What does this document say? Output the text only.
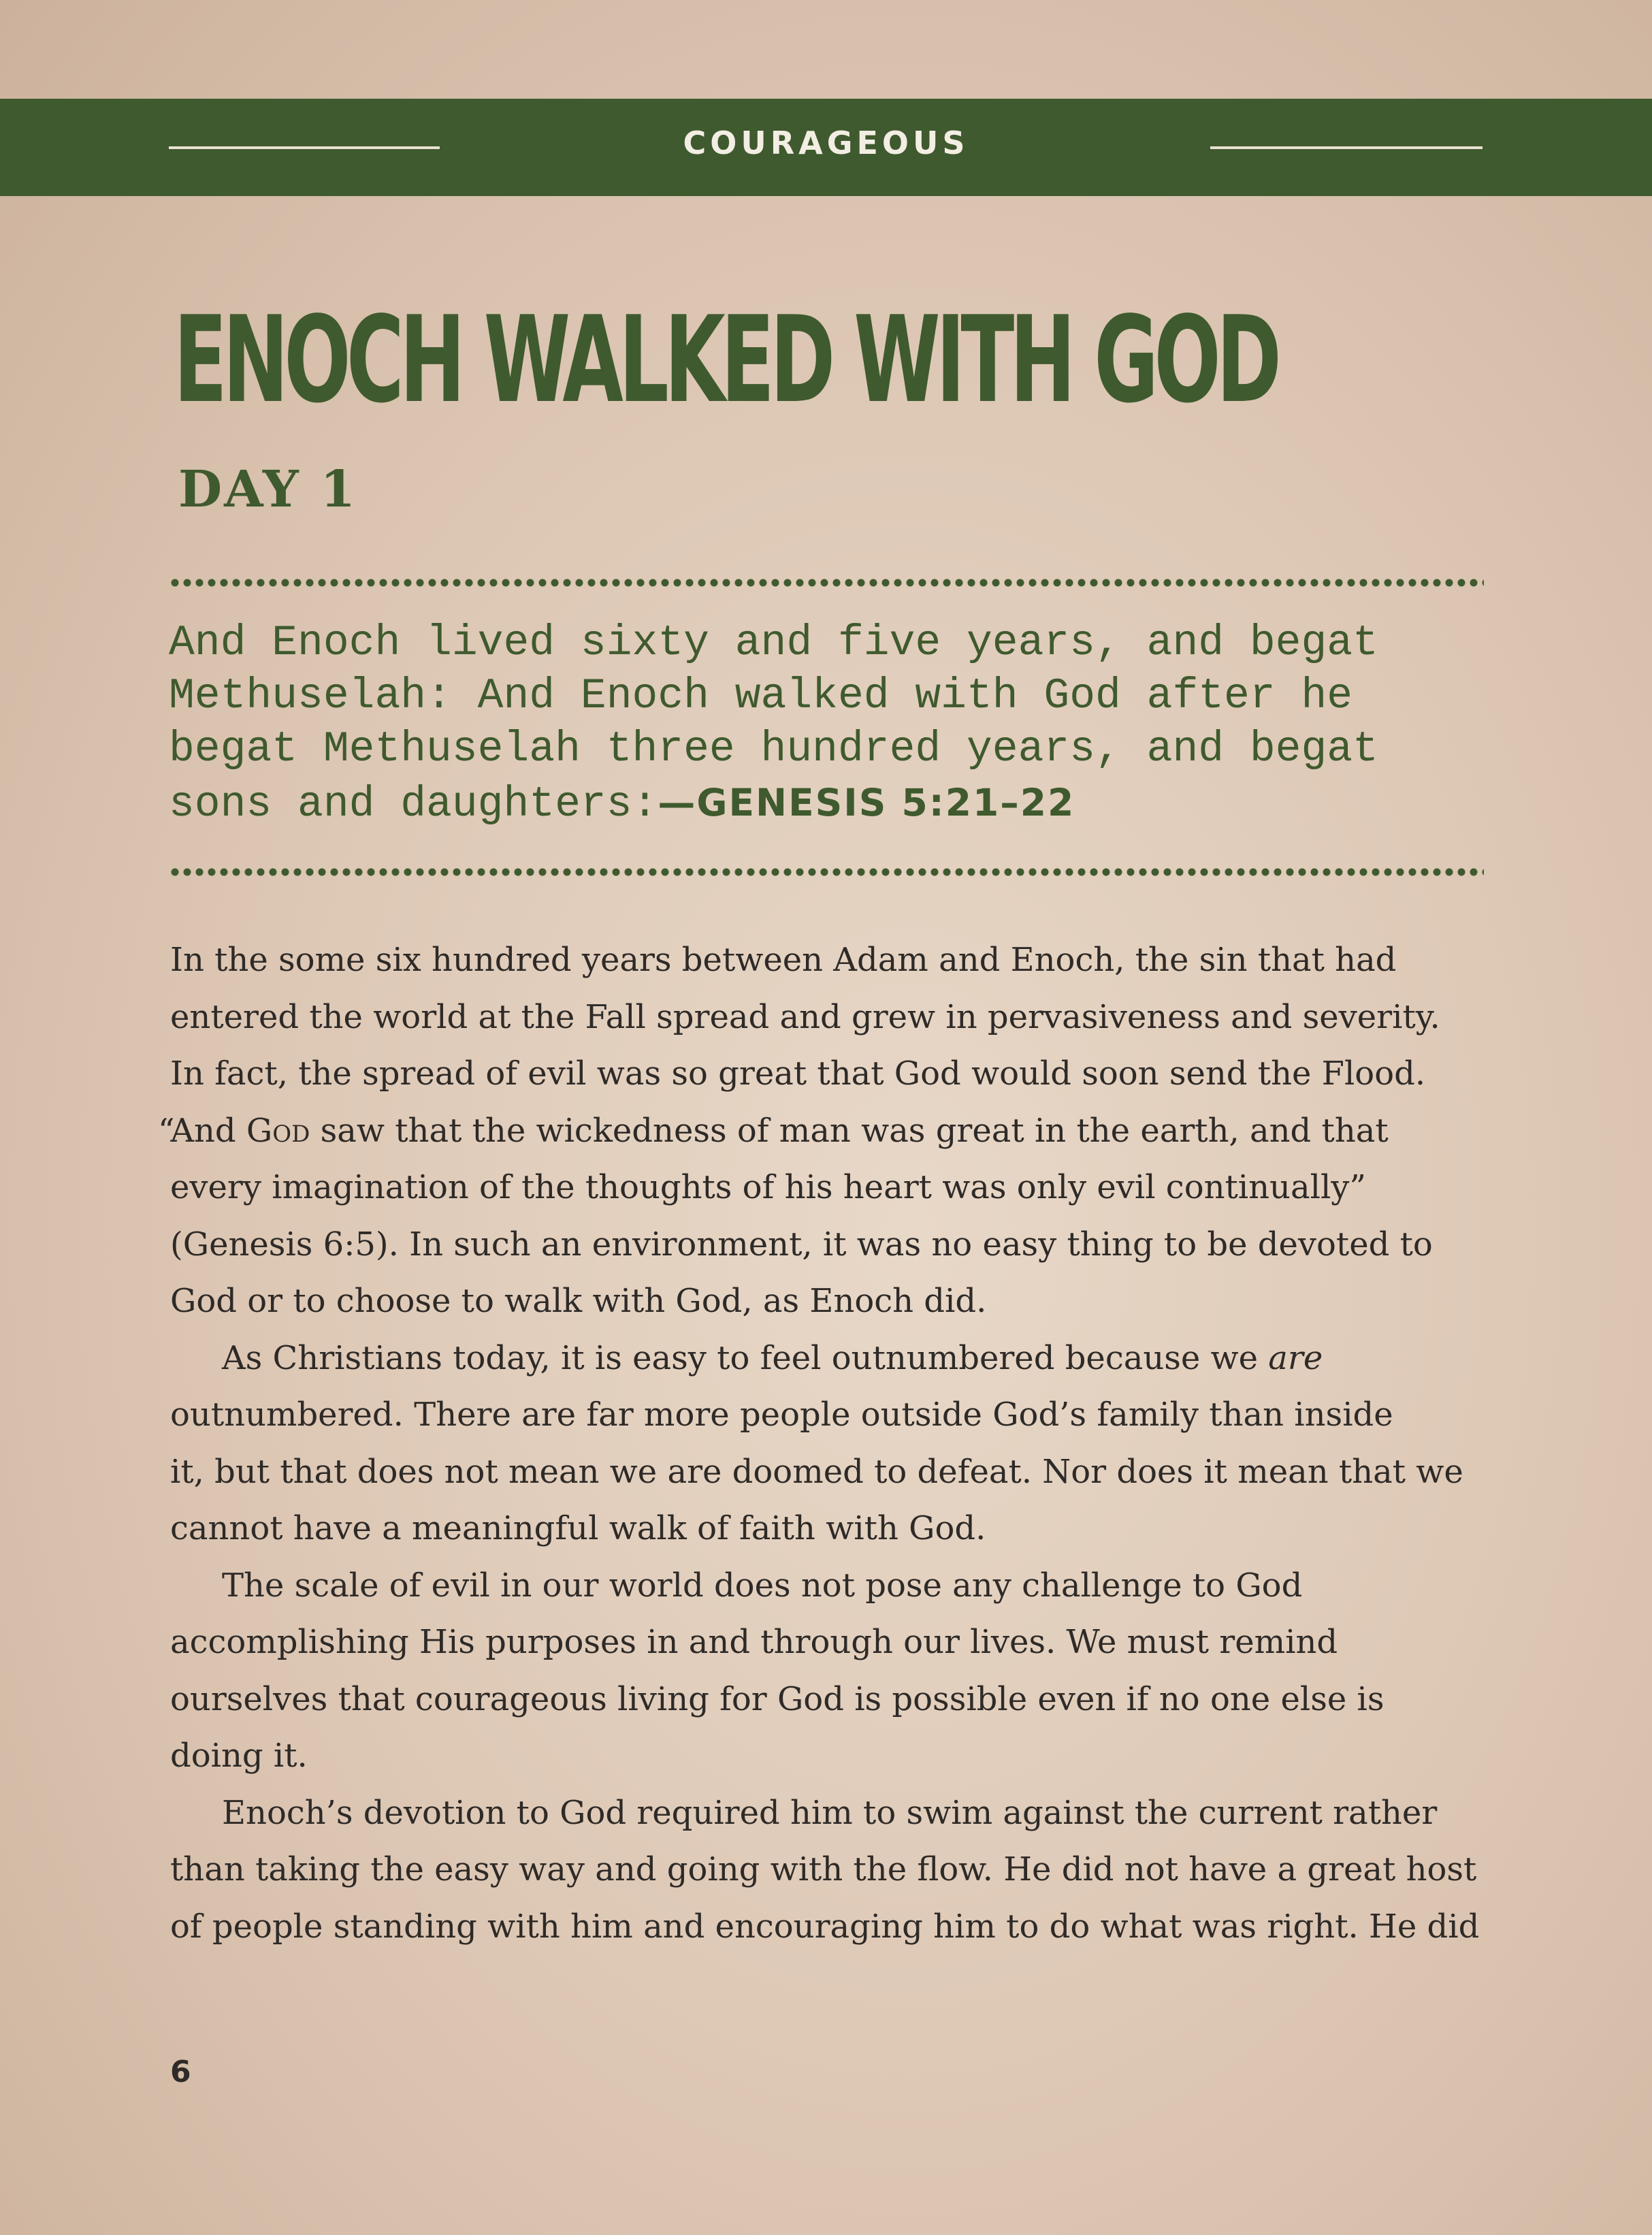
COURAGEOUS
ENOCH WALKED WITH GOD
DAY 1
And Enoch lived sixty and five years, and begat
Methuselah: And Enoch walked with God after he
begat Methuselah three hundred years, and begat
sons and daughters:—GENESIS 5:21–22

In the some six hundred years between Adam and Enoch, the sin that had

entered the world at the Fall spread and grew in pervasiveness and severity.

In fact, the spread of evil was so great that God would soon send the Flood.

“And God saw that the wickedness of man was great in the earth, and that

every imagination of the thoughts of his heart was only evil continually”

(Genesis 6:5). In such an environment, it was no easy thing to be devoted to

God or to choose to walk with God, as Enoch did.

As Christians today, it is easy to feel outnumbered because we are

outnumbered. There are far more people outside God’s family than inside

it, but that does not mean we are doomed to defeat. Nor does it mean that we

cannot have a meaningful walk of faith with God.

The scale of evil in our world does not pose any challenge to God

accomplishing His purposes in and through our lives. We must remind

ourselves that courageous living for God is possible even if no one else is

doing it.

Enoch’s devotion to God required him to swim against the current rather

than taking the easy way and going with the flow. He did not have a great host

of people standing with him and encouraging him to do what was right. He did

6
